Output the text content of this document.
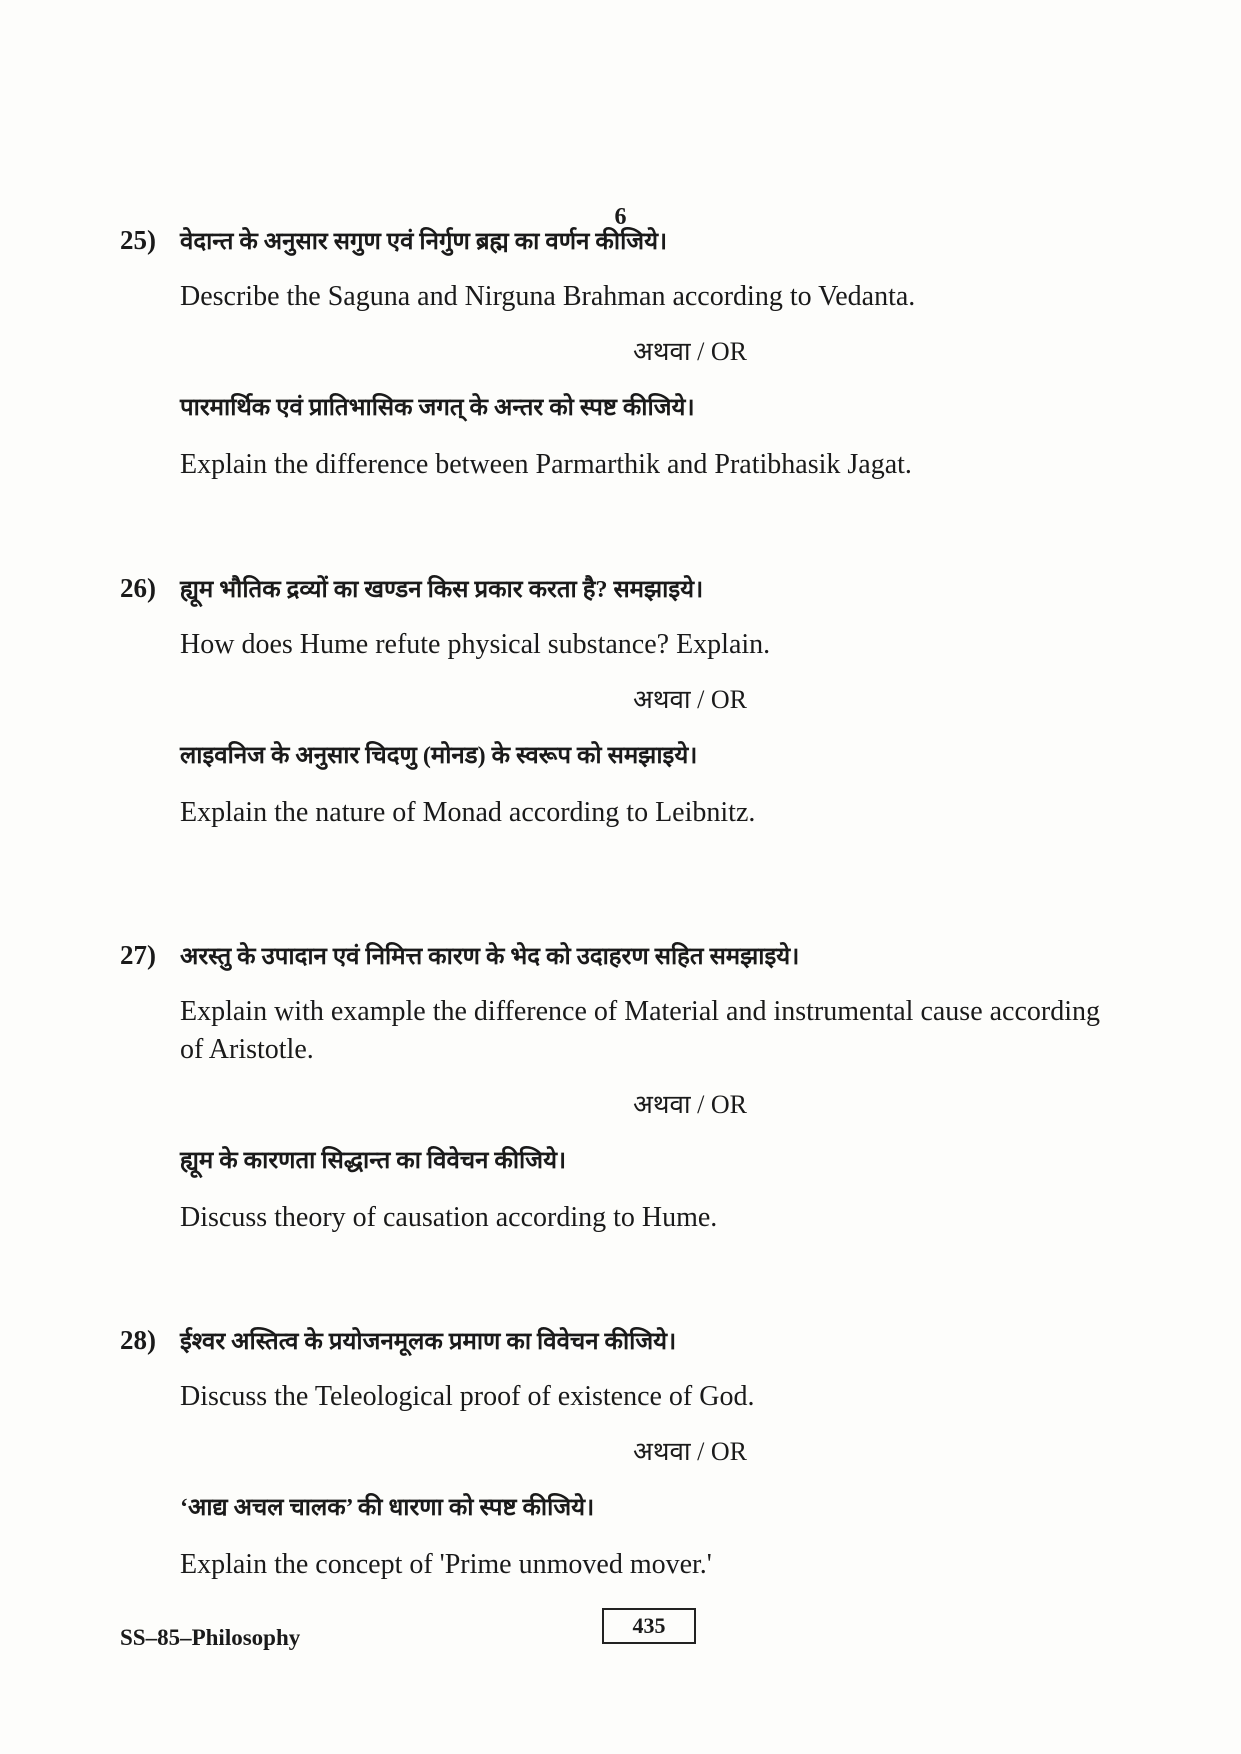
6
25) वेदान्त के अनुसार सगुण एवं निर्गुण ब्रह्म का वर्णन कीजिये।
Describe the Saguna and Nirguna Brahman according to Vedanta.
अथवा / OR
पारमार्थिक एवं प्रातिभासिक जगत् के अन्तर को स्पष्ट कीजिये।
Explain the difference between Parmarthik and Pratibhasik Jagat.
26) ह्यूम भौतिक द्रव्यों का खण्डन किस प्रकार करता है? समझाइये।
How does Hume refute physical substance? Explain.
अथवा / OR
लाइवनिज के अनुसार चिदणु (मोनड) के स्वरूप को समझाइये।
Explain the nature of Monad according to Leibnitz.
27) अरस्तु के उपादान एवं निमित्त कारण के भेद को उदाहरण सहित समझाइये।
Explain with example the difference of Material and instrumental cause according of Aristotle.
अथवा / OR
ह्यूम के कारणता सिद्धान्त का विवेचन कीजिये।
Discuss theory of causation according to Hume.
28) ईश्वर अस्तित्व के प्रयोजनमूलक प्रमाण का विवेचन कीजिये।
Discuss the Teleological proof of existence of God.
अथवा / OR
‘आद्य अचल चालक’ की धारणा को स्पष्ट कीजिये।
Explain the concept of 'Prime unmoved mover.'
SS–85–Philosophy	435
